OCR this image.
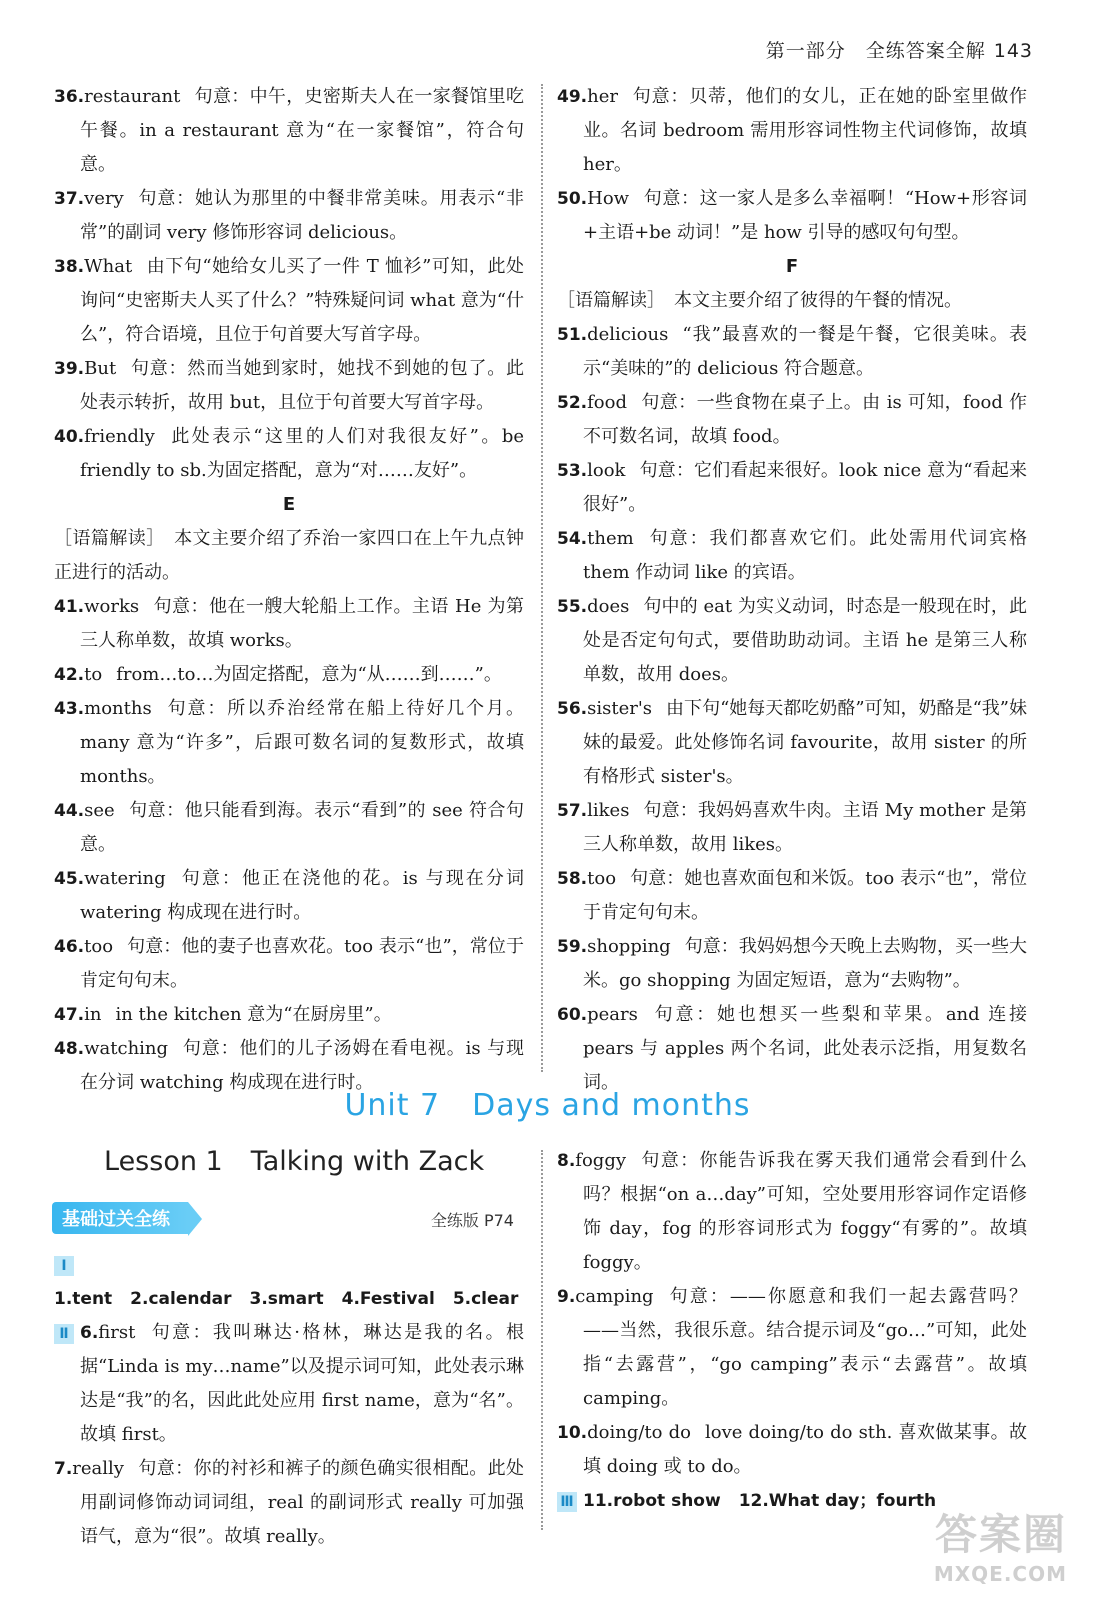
第一部分　全练答案全解 143
36.restaurant 句意：中午，史密斯夫人在一家餐馆里吃午餐。in a restaurant 意为“在一家餐馆”，符合句意。
37.very 句意：她认为那里的中餐非常美味。用表示“非常”的副词 very 修饰形容词 delicious。
38.What 由下句“她给女儿买了一件 T 恤衫”可知，此处询问“史密斯夫人买了什么？”特殊疑问词 what 意为“什么”，符合语境，且位于句首要大写首字母。
39.But 句意：然而当她到家时，她找不到她的包了。此处表示转折，故用 but，且位于句首要大写首字母。
40.friendly 此处表示“这里的人们对我很友好”。be friendly to sb.为固定搭配，意为“对……友好”。
E
［语篇解读］　本文主要介绍了乔治一家四口在上午九点钟正进行的活动。
41.works 句意：他在一艘大轮船上工作。主语 He 为第三人称单数，故填 works。
42.to from…to…为固定搭配，意为“从……到……”。
43.months 句意：所以乔治经常在船上待好几个月。many 意为“许多”，后跟可数名词的复数形式，故填 months。
44.see 句意：他只能看到海。表示“看到”的 see 符合句意。
45.watering 句意：他正在浇他的花。is 与现在分词 watering 构成现在进行时。
46.too 句意：他的妻子也喜欢花。too 表示“也”，常位于肯定句句末。
47.in in the kitchen 意为“在厨房里”。
48.watching 句意：他们的儿子汤姆在看电视。is 与现在分词 watching 构成现在进行时。
49.her 句意：贝蒂，他们的女儿，正在她的卧室里做作业。名词 bedroom 需用形容词性物主代词修饰，故填 her。
50.How 句意：这一家人是多么幸福啊！“How+形容词+主语+be 动词！”是 how 引导的感叹句句型。
F
［语篇解读］　本文主要介绍了彼得的午餐的情况。
51.delicious “我”最喜欢的一餐是午餐，它很美味。表示“美味的”的 delicious 符合题意。
52.food 句意：一些食物在桌子上。由 is 可知，food 作不可数名词，故填 food。
53.look 句意：它们看起来很好。look nice 意为“看起来很好”。
54.them 句意：我们都喜欢它们。此处需用代词宾格 them 作动词 like 的宾语。
55.does 句中的 eat 为实义动词，时态是一般现在时，此处是否定句句式，要借助助动词。主语 he 是第三人称单数，故用 does。
56.sister's 由下句“她每天都吃奶酪”可知，奶酪是“我”妹妹的最爱。此处修饰名词 favourite，故用 sister 的所有格形式 sister's。
57.likes 句意：我妈妈喜欢牛肉。主语 My mother 是第三人称单数，故用 likes。
58.too 句意：她也喜欢面包和米饭。too 表示“也”，常位于肯定句句末。
59.shopping 句意：我妈妈想今天晚上去购物，买一些大米。go shopping 为固定短语，意为“去购物”。
60.pears 句意：她也想买一些梨和苹果。and 连接 pears 与 apples 两个名词，此处表示泛指，用复数名词。
Unit 7 Days and months
Lesson 1 Talking with Zack
基础过关全练	全练版 P74
Ⅰ1.tent 2.calendar 3.smart 4.Festival 5.clear
Ⅱ 6.first 句意：我叫琳达·格林，琳达是我的名。根据“Linda is my…name”以及提示词可知，此处表示琳达是“我”的名，因此此处应用 first name，意为“名”。故填 first。
7.really 句意：你的衬衫和裤子的颜色确实很相配。此处用副词修饰动词词组，real 的副词形式 really 可加强语气，意为“很”。故填 really。
8.foggy 句意：你能告诉我在雾天我们通常会看到什么吗？根据“on a…day”可知，空处要用形容词作定语修饰 day，fog 的形容词形式为 foggy“有雾的”。故填 foggy。
9.camping 句意：——你愿意和我们一起去露营吗？——当然，我很乐意。结合提示词及“go…”可知，此处指“去露营”，“go camping”表示“去露营”。故填 camping。
10.doing/to do love doing/to do sth. 喜欢做某事。故填 doing 或 to do。
Ⅲ 11.robot show 12.What day；fourth
答案圈
MXQE.COM
